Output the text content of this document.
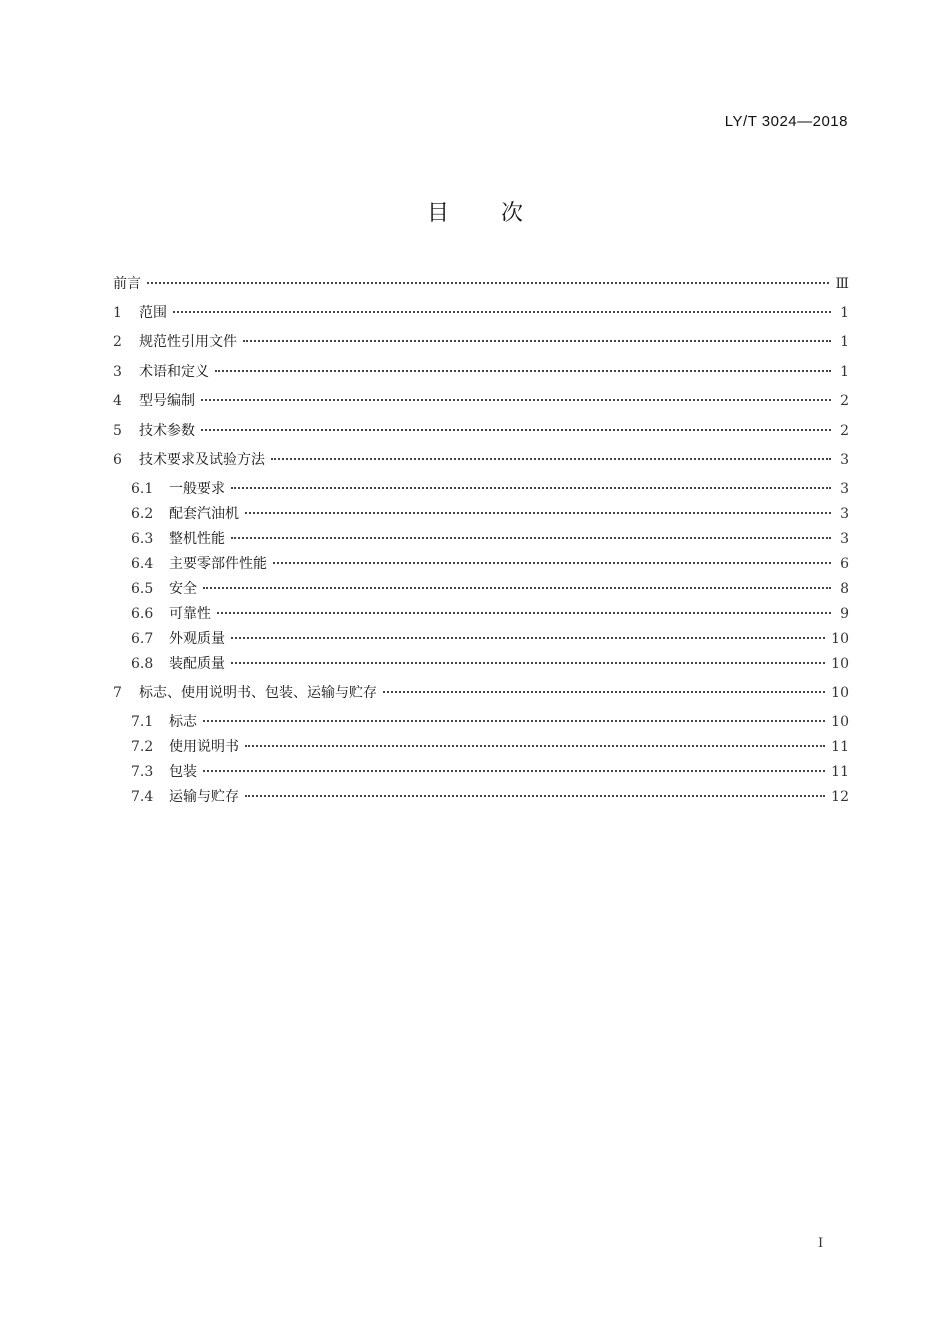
LY/T 3024—2018
目次
前言	Ⅲ
1	范围	1
2	规范性引用文件	1
3	术语和定义	1
4	型号编制	2
5	技术参数	2
6	技术要求及试验方法	3
6.1	一般要求	3
6.2	配套汽油机	3
6.3	整机性能	3
6.4	主要零部件性能	6
6.5	安全	8
6.6	可靠性	9
6.7	外观质量	10
6.8	装配质量	10
7	标志、使用说明书、包装、运输与贮存	10
7.1	标志	10
7.2	使用说明书	11
7.3	包装	11
7.4	运输与贮存	12
Ⅰ
